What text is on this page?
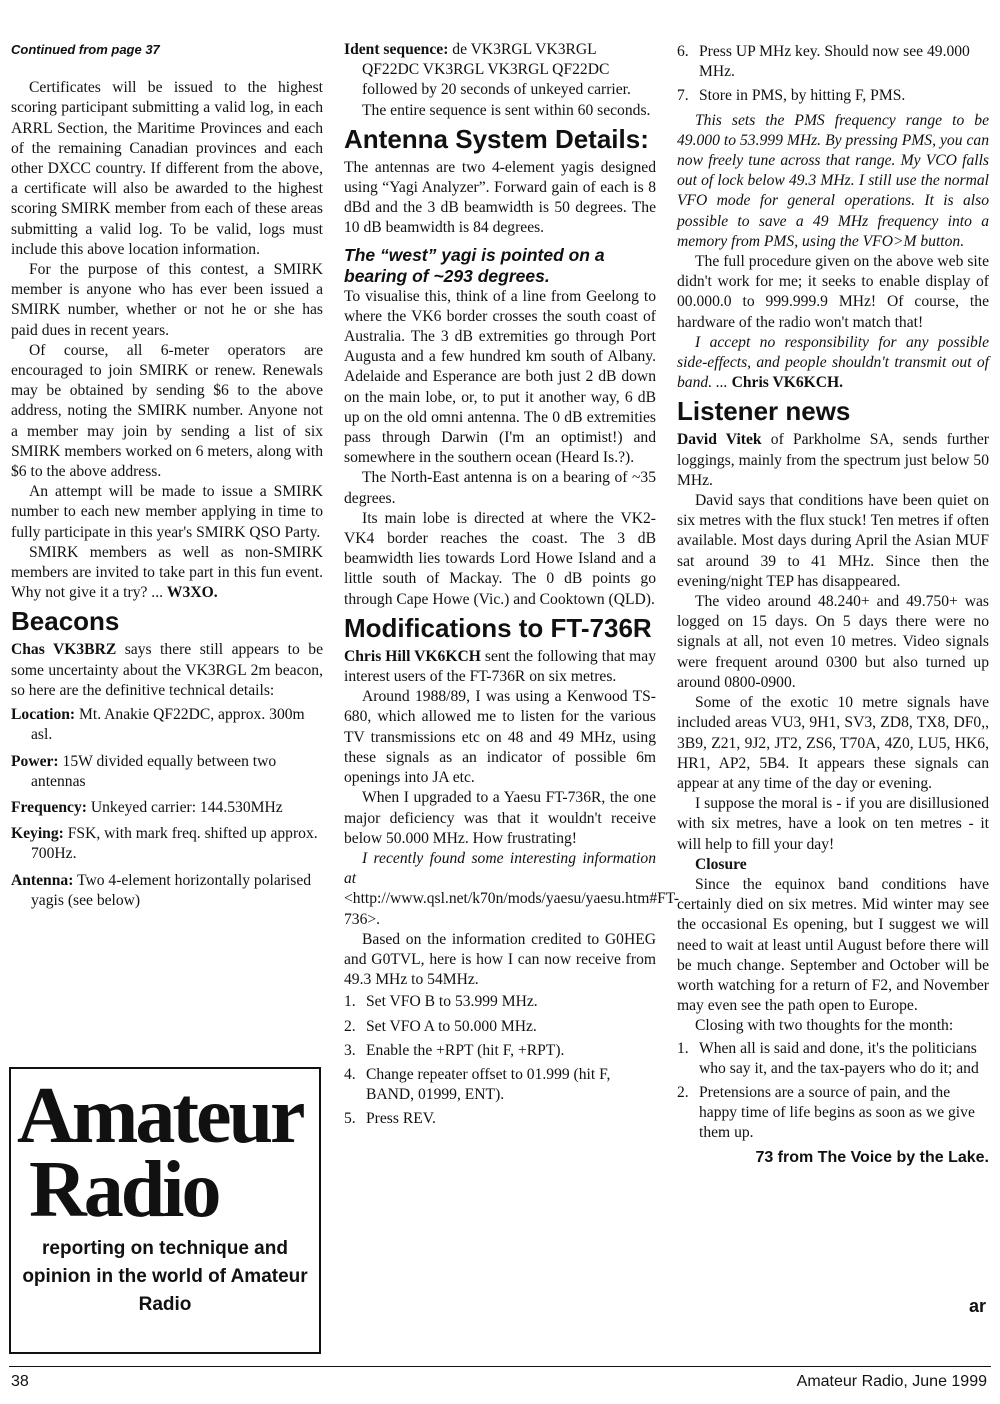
Continued from page 37

Certificates will be issued to the highest scoring participant submitting a valid log, in each ARRL Section, the Maritime Provinces and each of the remaining Canadian provinces and each other DXCC country. If different from the above, a certificate will also be awarded to the highest scoring SMIRK member from each of these areas submitting a valid log. To be valid, logs must include this above location information.

For the purpose of this contest, a SMIRK member is anyone who has ever been issued a SMIRK number, whether or not he or she has paid dues in recent years.

Of course, all 6-meter operators are encouraged to join SMIRK or renew. Renewals may be obtained by sending $6 to the above address, noting the SMIRK number. Anyone not a member may join by sending a list of six SMIRK members worked on 6 meters, along with $6 to the above address.

An attempt will be made to issue a SMIRK number to each new member applying in time to fully participate in this year's SMIRK QSO Party.

SMIRK members as well as non-SMIRK members are invited to take part in this fun event. Why not give it a try? ... W3XO.

Beacons

Chas VK3BRZ says there still appears to be some uncertainty about the VK3RGL 2m beacon, so here are the definitive technical details:

Location: Mt. Anakie QF22DC, approx. 300m asl.
Power: 15W divided equally between two antennas
Frequency: Unkeyed carrier: 144.530MHz
Keying: FSK, with mark freq. shifted up approx. 700Hz.
Antenna: Two 4-element horizontally polarised yagis (see below)
Amateur
Radio
reporting on technique and opinion in the world of Amateur Radio
Ident sequence: de VK3RGL VK3RGL QF22DC VK3RGL VK3RGL QF22DC followed by 20 seconds of unkeyed carrier.

The entire sequence is sent within 60 seconds.

Antenna System Details:

The antennas are two 4-element yagis designed using “Yagi Analyzer”. Forward gain of each is 8 dBd and the 3 dB beamwidth is 50 degrees. The 10 dB beamwidth is 84 degrees.

The “west” yagi is pointed on a bearing of ~293 degrees.

To visualise this, think of a line from Geelong to where the VK6 border crosses the south coast of Australia. The 3 dB extremities go through Port Augusta and a few hundred km south of Albany. Adelaide and Esperance are both just 2 dB down on the main lobe, or, to put it another way, 6 dB up on the old omni antenna. The 0 dB extremities pass through Darwin (I'm an optimist!) and somewhere in the southern ocean (Heard Is.?).

The North-East antenna is on a bearing of ~35 degrees.

Its main lobe is directed at where the VK2-VK4 border reaches the coast. The 3 dB beamwidth lies towards Lord Howe Island and a little south of Mackay. The 0 dB points go through Cape Howe (Vic.) and Cooktown (QLD).

Modifications to FT-736R

Chris Hill VK6KCH sent the following that may interest users of the FT-736R on six metres.

Around 1988/89, I was using a Kenwood TS-680, which allowed me to listen for the various TV transmissions etc on 48 and 49 MHz, using these signals as an indicator of possible 6m openings into JA etc.

When I upgraded to a Yaesu FT-736R, the one major deficiency was that it wouldn't receive below 50.000 MHz. How frustrating!

I recently found some interesting information at <http://www.qsl.net/k70n/mods/yaesu/yaesu.htm#FT-736>.

Based on the information credited to G0HEG and G0TVL, here is how I can now receive from 49.3 MHz to 54MHz.

1. Set VFO B to 53.999 MHz.
2. Set VFO A to 50.000 MHz.
3. Enable the +RPT (hit F, +RPT).
4. Change repeater offset to 01.999 (hit F, BAND, 01999, ENT).
5. Press REV.
6. Press UP MHz key. Should now see 49.000 MHz.
7. Store in PMS, by hitting F, PMS.

This sets the PMS frequency range to be 49.000 to 53.999 MHz. By pressing PMS, you can now freely tune across that range. My VCO falls out of lock below 49.3 MHz. I still use the normal VFO mode for general operations. It is also possible to save a 49 MHz frequency into a memory from PMS, using the VFO>M button.

The full procedure given on the above web site didn't work for me; it seeks to enable display of 00.000.0 to 999.999.9 MHz! Of course, the hardware of the radio won't match that!

I accept no responsibility for any possible side-effects, and people shouldn't transmit out of band. ... Chris VK6KCH.

Listener news

David Vitek of Parkholme SA, sends further loggings, mainly from the spectrum just below 50 MHz.

David says that conditions have been quiet on six metres with the flux stuck! Ten metres if often available. Most days during April the Asian MUF sat around 39 to 41 MHz. Since then the evening/night TEP has disappeared.

The video around 48.240+ and 49.750+ was logged on 15 days. On 5 days there were no signals at all, not even 10 metres. Video signals were frequent around 0300 but also turned up around 0800-0900.

Some of the exotic 10 metre signals have included areas VU3, 9H1, SV3, ZD8, TX8, DF0,, 3B9, Z21, 9J2, JT2, ZS6, T70A, 4Z0, LU5, HK6, HR1, AP2, 5B4. It appears these signals can appear at any time of the day or evening.

I suppose the moral is - if you are disillusioned with six metres, have a look on ten metres - it will help to fill your day!

Closure

Since the equinox band conditions have certainly died on six metres. Mid winter may see the occasional Es opening, but I suggest we will need to wait at least until August before there will be much change. September and October will be worth watching for a return of F2, and November may even see the path open to Europe.

Closing with two thoughts for the month:

1. When all is said and done, it's the politicians who say it, and the tax-payers who do it; and
2. Pretensions are a source of pain, and the happy time of life begins as soon as we give them up.
73 from The Voice by the Lake.
ar
38	Amateur Radio, June 1999
